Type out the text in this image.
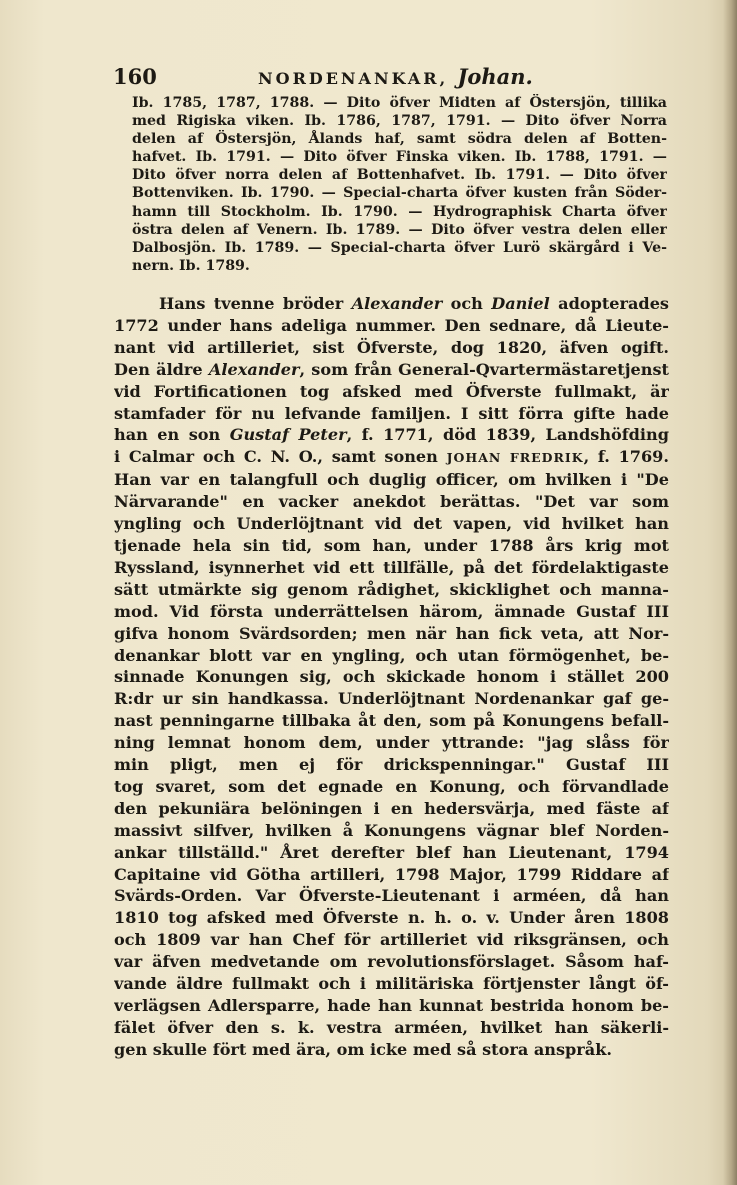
160	NORDENANKAR, Johan.
Ib. 1785, 1787, 1788. — Dito öfver Midten af Östersjön, tillika
med Rigiska viken. Ib. 1786, 1787, 1791. — Dito öfver Norra
delen af Östersjön, Ålands haf, samt södra delen af Botten-
hafvet. Ib. 1791. — Dito öfver Finska viken. Ib. 1788, 1791. —
Dito öfver norra delen af Bottenhafvet. Ib. 1791. — Dito öfver
Bottenviken. Ib. 1790. — Special-charta öfver kusten från Söder-
hamn till Stockholm. Ib. 1790. — Hydrographisk Charta öfver
östra delen af Venern. Ib. 1789. — Dito öfver vestra delen eller
Dalbosjön. Ib. 1789. — Special-charta öfver Lurö skärgård i Ve-
nern. Ib. 1789.
Hans tvenne bröder Alexander och Daniel adopterades
1772 under hans adeliga nummer. Den sednare, då Lieute-
nant vid artilleriet, sist Öfverste, dog 1820, äfven ogift.
Den äldre Alexander, som från General-Qvartermästaretjenst
vid Fortificationen tog afsked med Öfverste fullmakt, är
stamfader för nu lefvande familjen. I sitt förra gifte hade
han en son Gustaf Peter, f. 1771, död 1839, Landshöfding
i Calmar och C. N. O., samt sonen JOHAN FREDRIK, f. 1769.
Han var en talangfull och duglig officer, om hvilken i "De
Närvarande" en vacker anekdot berättas. "Det var som
yngling och Underlöjtnant vid det vapen, vid hvilket han
tjenade hela sin tid, som han, under 1788 års krig mot
Ryssland, isynnerhet vid ett tillfälle, på det fördelaktigaste
sätt utmärkte sig genom rådighet, skicklighet och manna-
mod. Vid första underrättelsen härom, ämnade Gustaf III
gifva honom Svärdsorden; men när han fick veta, att Nor-
denankar blott var en yngling, och utan förmögenhet, be-
sinnade Konungen sig, och skickade honom i stället 200
R:dr ur sin handkassa. Underlöjtnant Nordenankar gaf ge-
nast penningarne tillbaka åt den, som på Konungens befall-
ning lemnat honom dem, under yttrande: "jag slåss för
min pligt, men ej för drickspenningar." Gustaf III
tog svaret, som det egnade en Konung, och förvandlade
den pekuniära belöningen i en hedersvärja, med fäste af
massivt silfver, hvilken å Konungens vägnar blef Norden-
ankar tillställd." Året derefter blef han Lieutenant, 1794
Capitaine vid Götha artilleri, 1798 Major, 1799 Riddare af
Svärds-Orden. Var Öfverste-Lieutenant i arméen, då han
1810 tog afsked med Öfverste n. h. o. v. Under åren 1808
och 1809 var han Chef för artilleriet vid riksgränsen, och
var äfven medvetande om revolutionsförslaget. Såsom haf-
vande äldre fullmakt och i militäriska förtjenster långt öf-
verlägsen Adlersparre, hade han kunnat bestrida honom be-
fälet öfver den s. k. vestra arméen, hvilket han säkerli-
gen skulle fört med ära, om icke med så stora anspråk.
